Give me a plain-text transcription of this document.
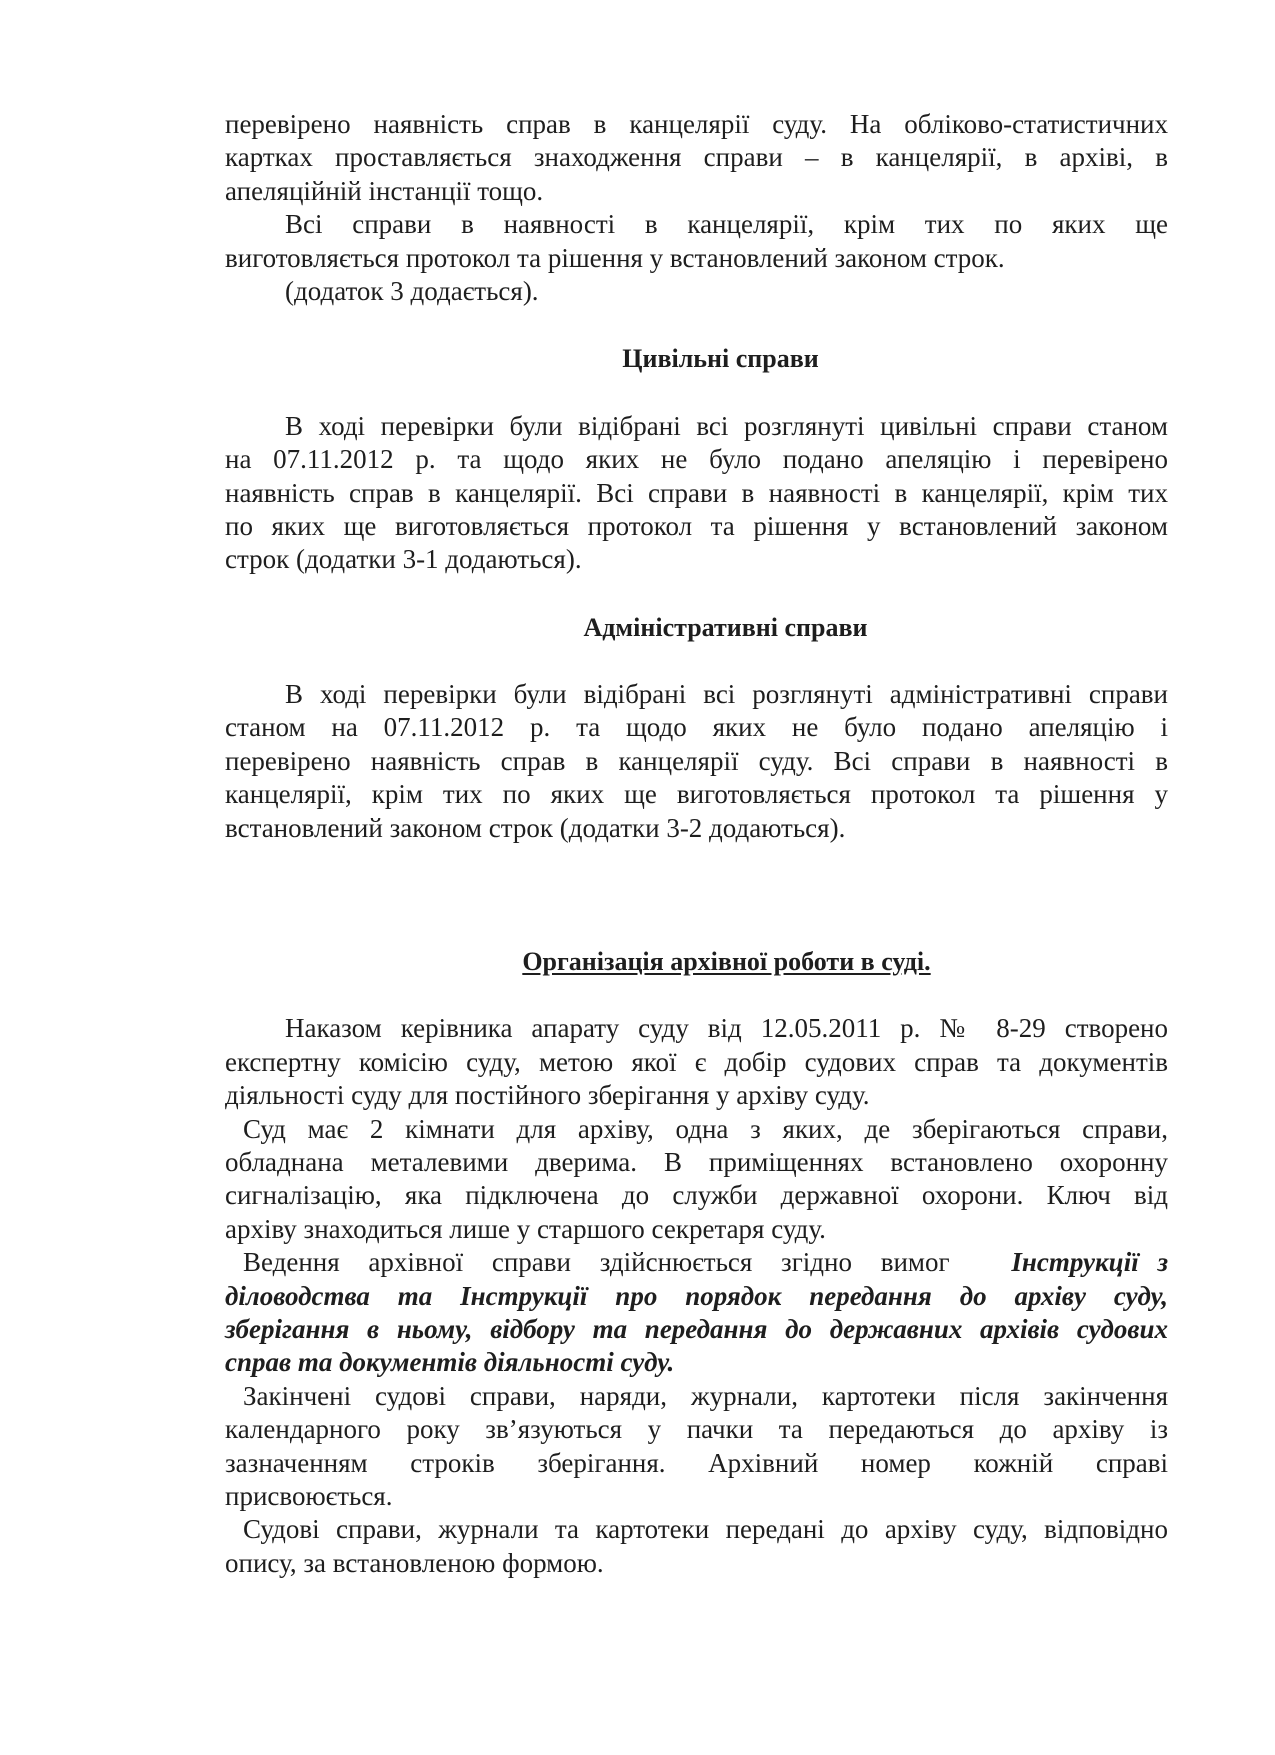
перевірено наявність справ в канцелярії суду. На обліково-статистичних
картках проставляється знаходження справи – в канцелярії, в архіві, в
апеляційній інстанції тощо.
Всі справи в наявності в канцелярії, крім тих по яких ще
виготовляється протокол та рішення у встановлений законом строк.
(додаток 3 додається).
Цивільні справи
В ході перевірки були відібрані всі розглянуті цивільні справи станом
на 07.11.2012 р. та щодо яких не було подано апеляцію і перевірено
наявність справ в канцелярії. Всі справи в наявності в канцелярії, крім тих
по яких ще виготовляється протокол та рішення у встановлений законом
строк (додатки 3-1 додаються).
Адміністративні справи
В ході перевірки були відібрані всі розглянуті адміністративні справи
станом на 07.11.2012 р. та щодо яких не було подано апеляцію і
перевірено наявність справ в канцелярії суду. Всі справи в наявності в
канцелярії, крім тих по яких ще виготовляється протокол та рішення у
встановлений законом строк (додатки 3-2 додаються).
Організація архівної роботи в суді.
Наказом керівника апарату суду від 12.05.2011 р. № 8-29 створено
експертну комісію суду, метою якої є добір судових справ та документів
діяльності суду для постійного зберігання у архіву суду.
Суд має 2 кімнати для архіву, одна з яких, де зберігаються справи,
обладнана металевими дверима. В приміщеннях встановлено охоронну
сигналізацію, яка підключена до служби державної охорони. Ключ від
архіву знаходиться лише у старшого секретаря суду.
Ведення архівної справи здійснюється згідно вимог Інструкції з
діловодства та Інструкції про порядок передання до архіву суду,
зберігання в ньому, відбору та передання до державних архівів судових
справ та документів діяльності суду.
Закінчені судові справи, наряди, журнали, картотеки після закінчення
календарного року зв’язуються у пачки та передаються до архіву із
зазначенням строків зберігання. Архівний номер кожній справі
присвоюється.
Судові справи, журнали та картотеки передані до архіву суду, відповідно
опису, за встановленою формою.
